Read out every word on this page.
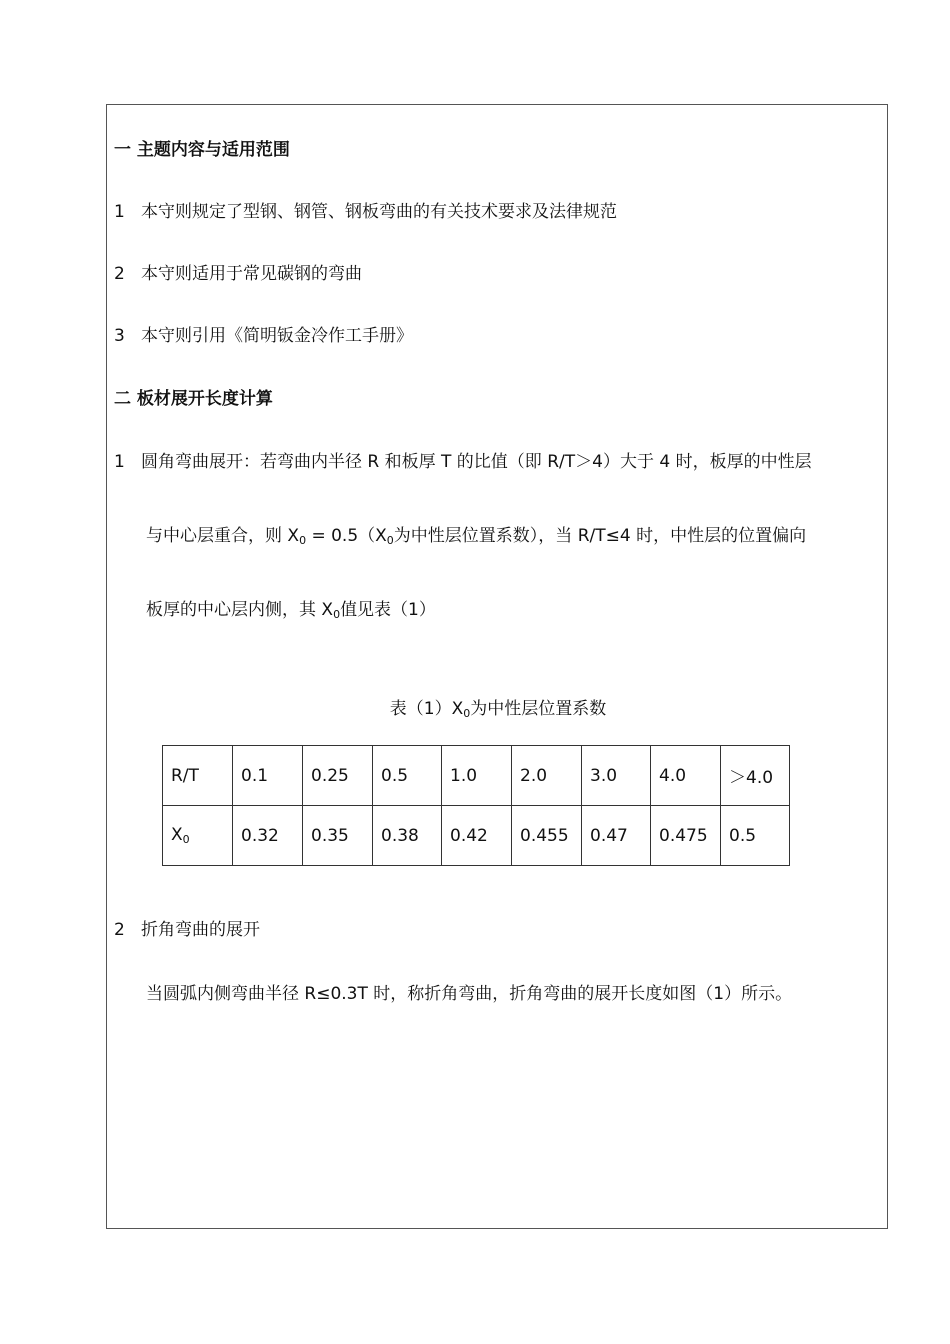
一 主题内容与适用范围
1 本守则规定了型钢、钢管、钢板弯曲的有关技术要求及法律规范
2 本守则适用于常见碳钢的弯曲
3 本守则引用《简明钣金冷作工手册》
二 板材展开长度计算
1 圆角弯曲展开：若弯曲内半径 R 和板厚 T 的比值（即 R/T＞4）大于 4 时，板厚的中性层
与中心层重合，则 $X_0 = 0.5(X_0$为中性层位置系数），当 R/T≤4 时，中性层的位置偏向
板厚的中心层内侧，其 $X_0$值见表（1）
表$(1)X_0$为中性层位置系数
R/T	0.1	0.25	0.5	1.0	2.0	3.0	4.0	＞4.0
$X_0$	0.32	0.35	0.38	0.42	0.455	0.47	0.475	0.5
2 折角弯曲的展开
当圆弧内侧弯曲半径 R≤0.3T 时，称折角弯曲，折角弯曲的展开长度如图（1）所示。
